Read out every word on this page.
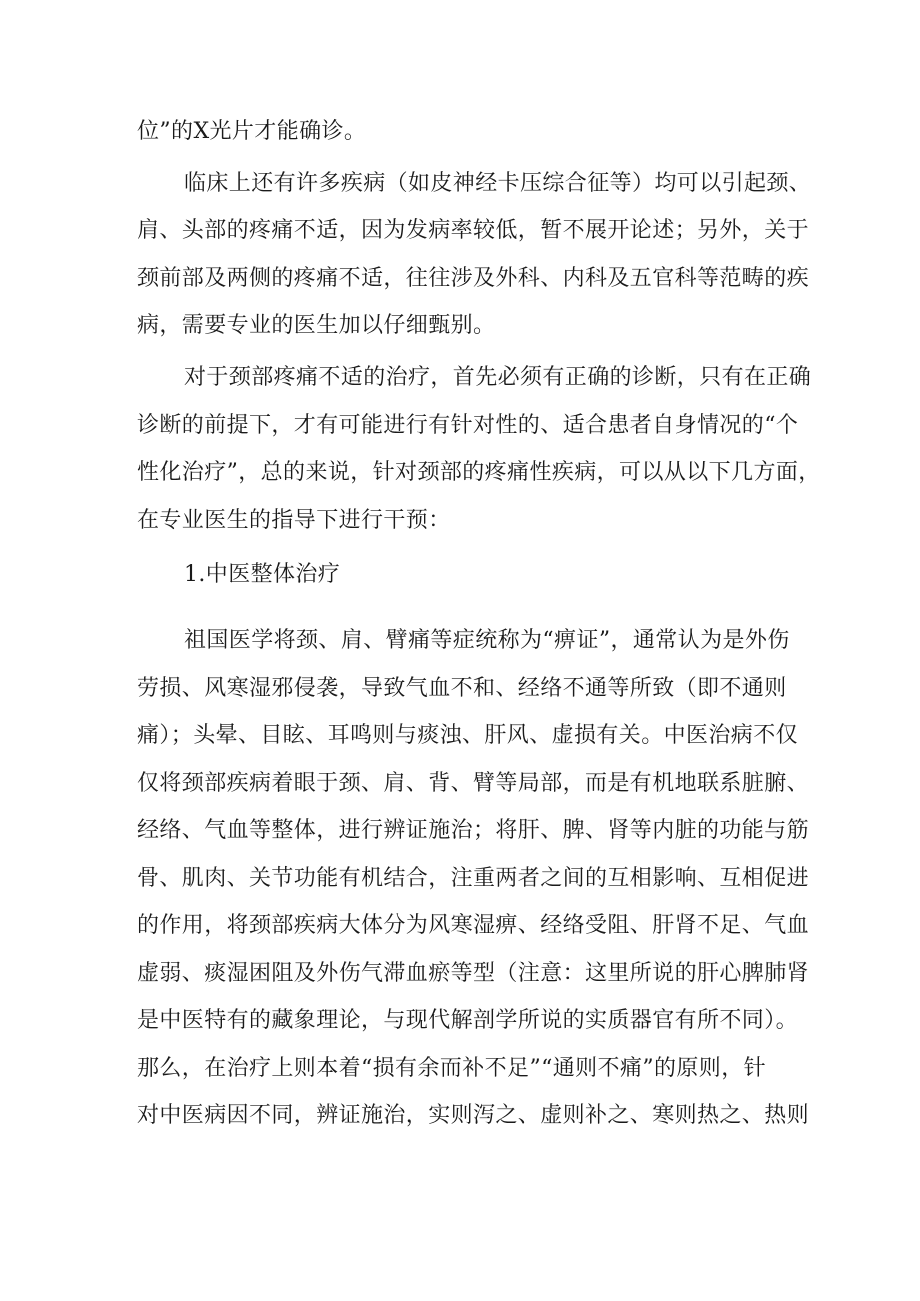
位”的X光片才能确诊。
临床上还有许多疾病（如皮神经卡压综合征等）均可以引起颈、
肩、头部的疼痛不适，因为发病率较低，暂不展开论述；另外，关于
颈前部及两侧的疼痛不适，往往涉及外科、内科及五官科等范畴的疾
病，需要专业的医生加以仔细甄别。
对于颈部疼痛不适的治疗，首先必须有正确的诊断，只有在正确
诊断的前提下，才有可能进行有针对性的、适合患者自身情况的“个
性化治疗”，总的来说，针对颈部的疼痛性疾病，可以从以下几方面，
在专业医生的指导下进行干预：
1.中医整体治疗
祖国医学将颈、肩、臂痛等症统称为“痹证”，通常认为是外伤
劳损、风寒湿邪侵袭，导致气血不和、经络不通等所致（即不通则
痛）；头晕、目眩、耳鸣则与痰浊、肝风、虚损有关。中医治病不仅
仅将颈部疾病着眼于颈、肩、背、臂等局部，而是有机地联系脏腑、
经络、气血等整体，进行辨证施治；将肝、脾、肾等内脏的功能与筋
骨、肌肉、关节功能有机结合，注重两者之间的互相影响、互相促进
的作用，将颈部疾病大体分为风寒湿痹、经络受阻、肝肾不足、气血
虚弱、痰湿困阻及外伤气滞血瘀等型（注意：这里所说的肝心脾肺肾
是中医特有的藏象理论，与现代解剖学所说的实质器官有所不同）。
那么，在治疗上则本着“损有余而补不足”“通则不痛”的原则，针
对中医病因不同，辨证施治，实则泻之、虚则补之、寒则热之、热则
